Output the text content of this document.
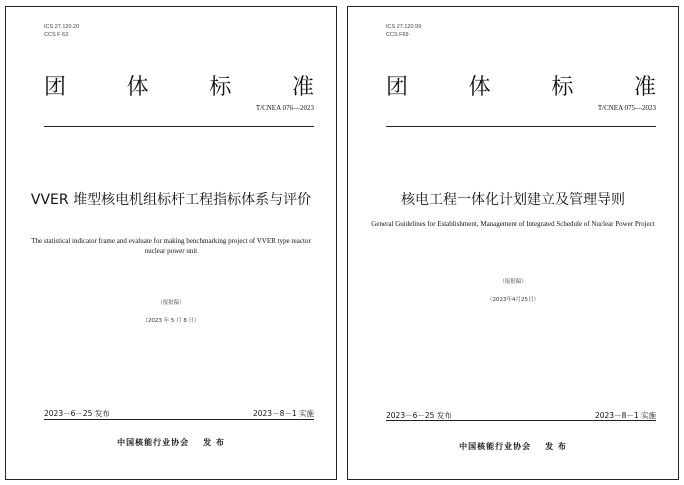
ICS 27.120.20
CCS F 63
团	体	标	准
T/CNEA 076—2023
VVER 堆型核电机组标杆工程指标体系与评价
The statistical indicator frame and evaluate for making benchmarking project of VVER type reactor nuclear power unit
（报批稿）
（2023 年 5 月 8 日）
2023－6－25 发布	2023－8－1 实施
中国核能行业协会 发 布
ICS 27.120.99
CCS F69
团	体	标	准
T/CNEA 075—2023
核电工程一体化计划建立及管理导则
General Guidelines for Establishment, Management of Integrated Schedule of Nuclear Power Project
（报批稿）
（2023年4月25日）
2023－6－25 发布	2023－8－1 实施
中国核能行业协会 发 布
